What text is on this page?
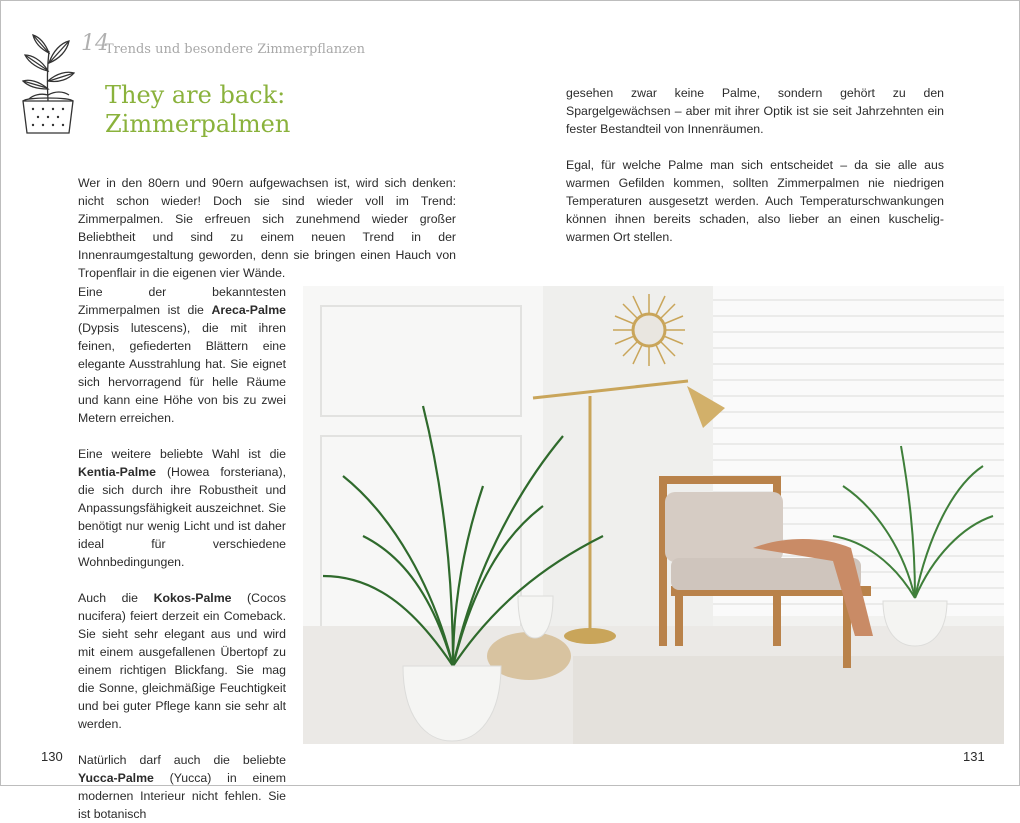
14
Trends und besondere Zimmerpflanzen
They are back:
Zimmerpalmen

Wer in den 80ern und 90ern aufgewachsen ist, wird sich denken: nicht schon wieder! Doch sie sind wieder voll im Trend: Zimmerpalmen. Sie erfreuen sich zunehmend wieder großer Beliebtheit und sind zu einem neuen Trend in der Innenraumgestaltung geworden, denn sie bringen einen Hauch von Tropenflair in die eigenen vier Wände.

Eine der bekanntesten Zimmerpalmen ist die Areca-Palme (Dypsis lutescens), die mit ihren feinen, gefiederten Blättern eine elegante Ausstrahlung hat. Sie eignet sich hervorragend für helle Räume und kann eine Höhe von bis zu zwei Metern erreichen.

Eine weitere beliebte Wahl ist die Kentia-Palme (Howea forsteriana), die sich durch ihre Robustheit und Anpassungsfähigkeit auszeichnet. Sie benötigt nur wenig Licht und ist daher ideal für verschiedene Wohnbedingungen.

Auch die Kokos-Palme (Cocos nucifera) feiert derzeit ein Comeback. Sie sieht sehr elegant aus und wird mit einem ausgefallenen Übertopf zu einem richtigen Blickfang. Sie mag die Sonne, gleichmäßige Feuchtigkeit und bei guter Pflege kann sie sehr alt werden.

Natürlich darf auch die beliebte Yucca-Palme (Yucca) in einem modernen Interieur nicht fehlen. Sie ist botanisch

gesehen zwar keine Palme, sondern gehört zu den Spargelgewächsen – aber mit ihrer Optik ist sie seit Jahrzehnten ein fester Bestandteil von Innenräumen.

Egal, für welche Palme man sich entscheidet – da sie alle aus warmen Gefilden kommen, sollten Zimmerpalmen nie niedrigen Temperaturen ausgesetzt werden. Auch Temperaturschwankungen können ihnen bereits schaden, also lieber an einen kuschelig-warmen Ort stellen.

130	131
